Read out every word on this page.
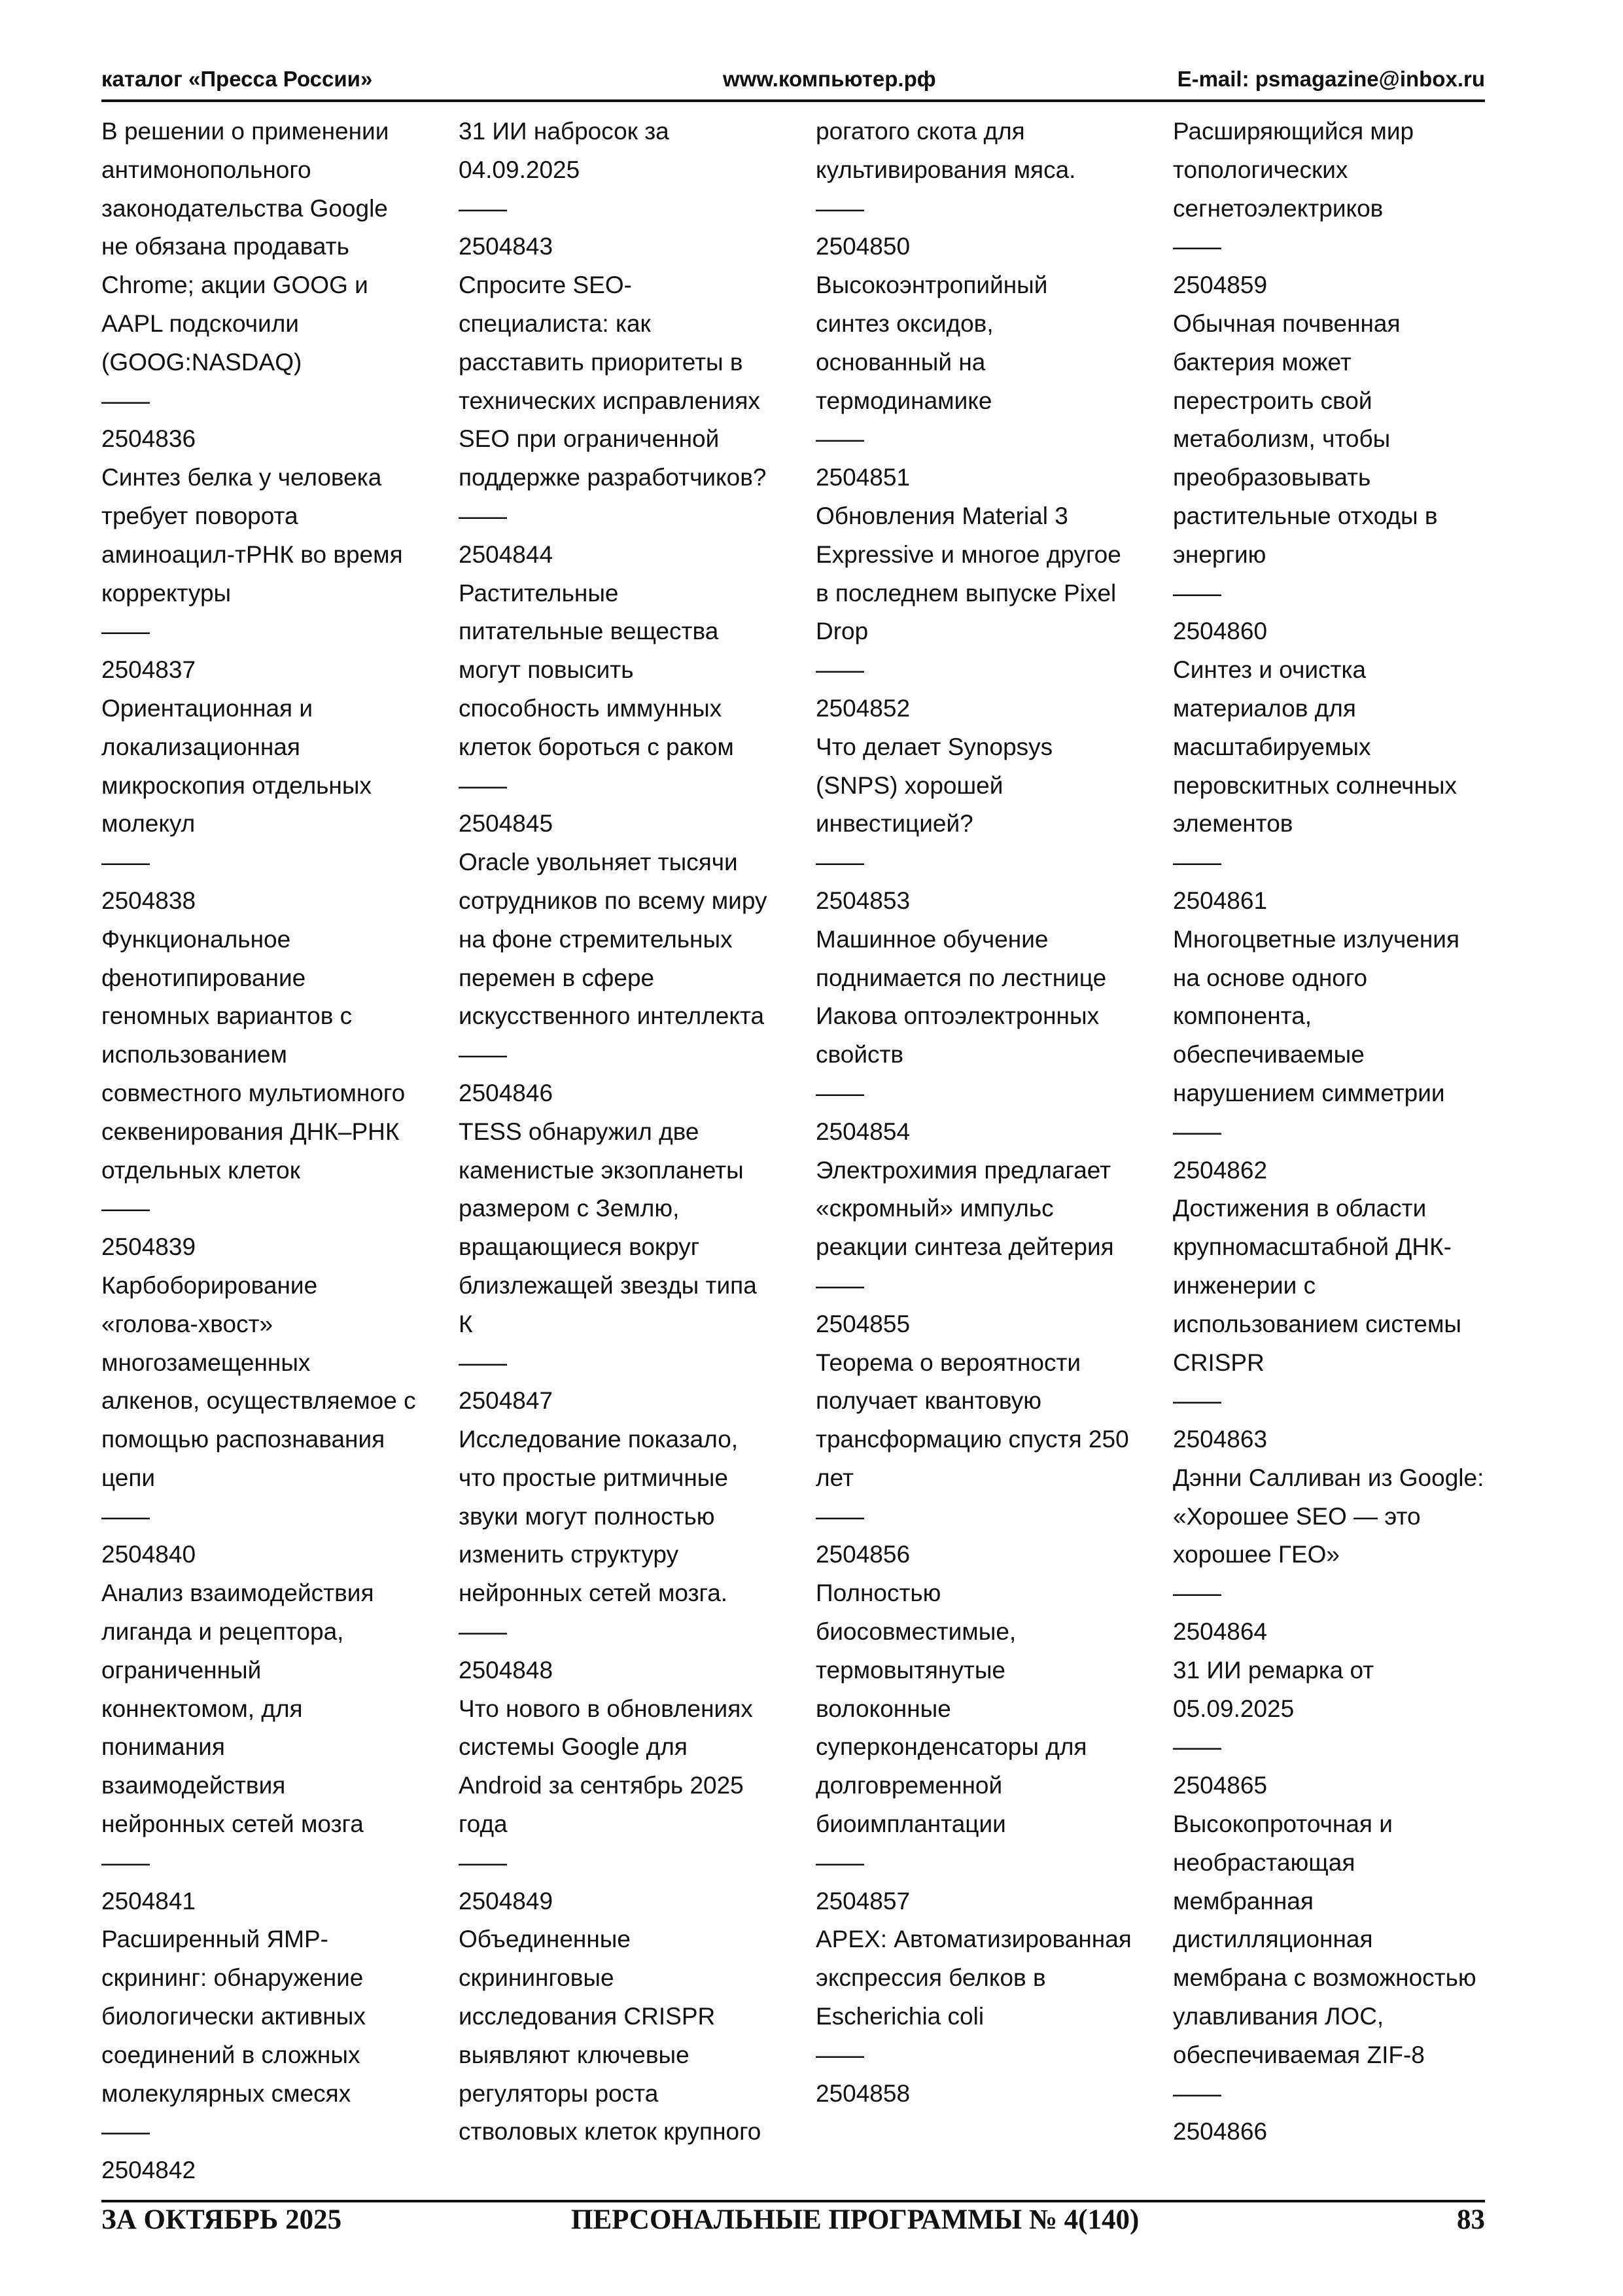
каталог «Пресса России»	www.компьютер.рф	E-mail: psmagazine@inbox.ru

В решении о применении

антимонопольного

законодательства Google

не обязана продавать

Chrome; акции GOOG и

AAPL подскочили

(GOOG:NASDAQ)

——

2504836

Синтез белка у человека

требует поворота

аминоацил-тРНК во время

корректуры

——

2504837

Ориентационная и

локализационная

микроскопия отдельных

молекул

——

2504838

Функциональное

фенотипирование

геномных вариантов с

использованием

совместного мультиомного

секвенирования ДНК–РНК

отдельных клеток

——

2504839

Карбоборирование

«голова-хвост»

многозамещенных

алкенов, осуществляемое с

помощью распознавания

цепи

——

2504840

Анализ взаимодействия

лиганда и рецептора,

ограниченный

коннектомом, для

понимания

взаимодействия

нейронных сетей мозга

——

2504841

Расширенный ЯМР-

скрининг: обнаружение

биологически активных

соединений в сложных

молекулярных смесях

——

2504842

31 ИИ набросок за

04.09.2025

——

2504843

Спросите SEO-

специалиста: как

расставить приоритеты в

технических исправлениях

SEO при ограниченной

поддержке разработчиков?

——

2504844

Растительные

питательные вещества

могут повысить

способность иммунных

клеток бороться с раком

——

2504845

Oracle увольняет тысячи

сотрудников по всему миру

на фоне стремительных

перемен в сфере

искусственного интеллекта

——

2504846

TESS обнаружил две

каменистые экзопланеты

размером с Землю,

вращающиеся вокруг

близлежащей звезды типа

К

——

2504847

Исследование показало,

что простые ритмичные

звуки могут полностью

изменить структуру

нейронных сетей мозга.

——

2504848

Что нового в обновлениях

системы Google для

Android за сентябрь 2025

года

——

2504849

Объединенные

скрининговые

исследования CRISPR

выявляют ключевые

регуляторы роста

стволовых клеток крупного

рогатого скота для

культивирования мяса.

——

2504850

Высокоэнтропийный

синтез оксидов,

основанный на

термодинамике

——

2504851

Обновления Material 3

Expressive и многое другое

в последнем выпуске Pixel

Drop

——

2504852

Что делает Synopsys

(SNPS) хорошей

инвестицией?

——

2504853

Машинное обучение

поднимается по лестнице

Иакова оптоэлектронных

свойств

——

2504854

Электрохимия предлагает

«скромный» импульс

реакции синтеза дейтерия

——

2504855

Теорема о вероятности

получает квантовую

трансформацию спустя 250

лет

——

2504856

Полностью

биосовместимые,

термовытянутые

волоконные

суперконденсаторы для

долговременной

биоимплантации

——

2504857

APEX: Автоматизированная

экспрессия белков в

Escherichia coli

——

2504858

Расширяющийся мир

топологических

сегнетоэлектриков

——

2504859

Обычная почвенная

бактерия может

перестроить свой

метаболизм, чтобы

преобразовывать

растительные отходы в

энергию

——

2504860

Синтез и очистка

материалов для

масштабируемых

перовскитных солнечных

элементов

——

2504861

Многоцветные излучения

на основе одного

компонента,

обеспечиваемые

нарушением симметрии

——

2504862

Достижения в области

крупномасштабной ДНК-

инженерии с

использованием системы

CRISPR

——

2504863

Дэнни Салливан из Google:

«Хорошее SEO — это

хорошее ГЕО»

——

2504864

31 ИИ ремарка от

05.09.2025

——

2504865

Высокопроточная и

необрастающая

мембранная

дистилляционная

мембрана с возможностью

улавливания ЛОС,

обеспечиваемая ZIF-8

——

2504866

ЗА ОКТЯБРЬ 2025	ПЕРСОНАЛЬНЫЕ ПРОГРАММЫ № 4(140)	83
